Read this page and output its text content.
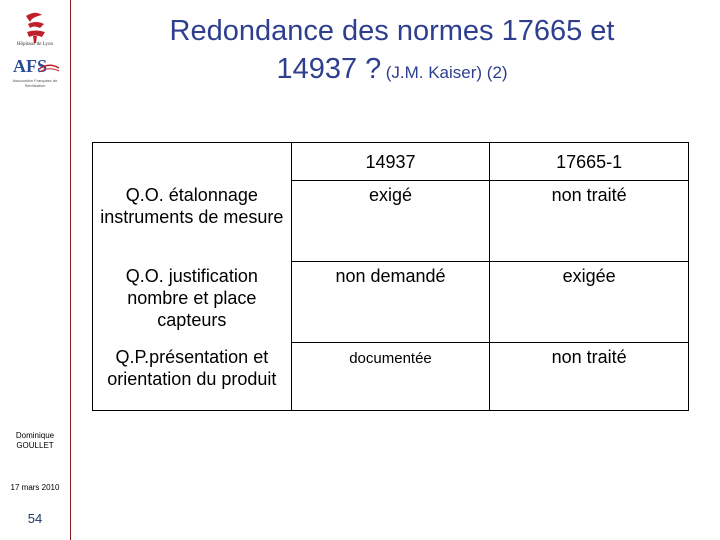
Hôpitaux de Lyon
AFS
Association Française de Stérilisation
Dominique
GOULLET
17 mars 2010
54
Redondance des normes 17665 et
14937 ? (J.M. Kaiser) (2)
	14937	17665-1
Q.O. étalonnage instruments de mesure	exigé	non traité
Q.O. justification nombre et place capteurs	non demandé	exigée
Q.P.présentation et orientation du produit	documentée	non traité
